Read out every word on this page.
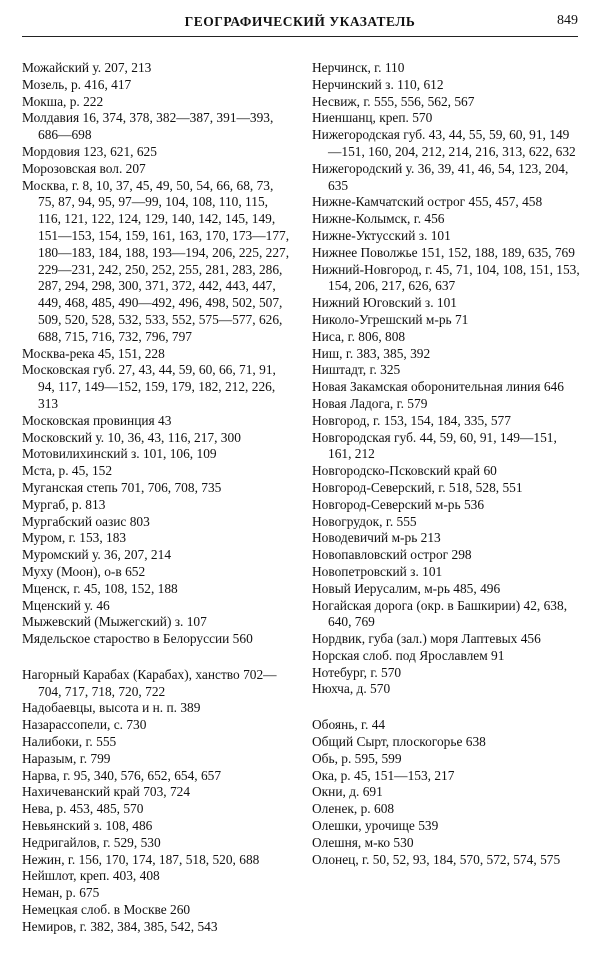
ГЕОГРАФИЧЕСКИЙ УКАЗАТЕЛЬ	849
Можайский у. 207, 213
Мозель, р. 416, 417
Мокша, р. 222
Молдавия 16, 374, 378, 382—387, 391—393, 686—698
Мордовия 123, 621, 625
Морозовская вол. 207
Москва, г. 8, 10, 37, 45, 49, 50, 54, 66, 68, 73, 75, 87, 94, 95, 97—99, 104, 108, 110, 115, 116, 121, 122, 124, 129, 140, 142, 145, 149, 151—153, 154, 159, 161, 163, 170, 173—177, 180—183, 184, 188, 193—194, 206, 225, 227, 229—231, 242, 250, 252, 255, 281, 283, 286, 287, 294, 298, 300, 371, 372, 442, 443, 447, 449, 468, 485, 490—492, 496, 498, 502, 507, 509, 520, 528, 532, 533, 552, 575—577, 626, 688, 715, 716, 732, 796, 797
Москва-река 45, 151, 228
Московская губ. 27, 43, 44, 59, 60, 66, 71, 91, 94, 117, 149—152, 159, 179, 182, 212, 226, 313
Московская провинция 43
Московский у. 10, 36, 43, 116, 217, 300
Мотовилихинский з. 101, 106, 109
Мста, р. 45, 152
Муганская степь 701, 706, 708, 735
Мургаб, р. 813
Мургабский оазис 803
Муром, г. 153, 183
Муромский у. 36, 207, 214
Муху (Моон), о-в 652
Мценск, г. 45, 108, 152, 188
Мценский у. 46
Мыжевский (Мыжегский) з. 107
Мядельское староство в Белоруссии 560
Нагорный Карабах (Карабах), ханство 702—704, 717, 718, 720, 722
Надобаевцы, высота и н. п. 389
Назарассопели, с. 730
Налибоки, г. 555
Наразым, г. 799
Нарва, г. 95, 340, 576, 652, 654, 657
Нахичеванский край 703, 724
Нева, р. 453, 485, 570
Невьянский з. 108, 486
Недригайлов, г. 529, 530
Нежин, г. 156, 170, 174, 187, 518, 520, 688
Нейшлот, креп. 403, 408
Неман, р. 675
Немецкая слоб. в Москве 260
Немиров, г. 382, 384, 385, 542, 543
Нерчинск, г. 110
Нерчинский з. 110, 612
Несвиж, г. 555, 556, 562, 567
Ниеншанц, креп. 570
Нижегородская губ. 43, 44, 55, 59, 60, 91, 149—151, 160, 204, 212, 214, 216, 313, 622, 632
Нижегородский у. 36, 39, 41, 46, 54, 123, 204, 635
Нижне-Камчатский острог 455, 457, 458
Нижне-Колымск, г. 456
Нижне-Уктусский з. 101
Нижнее Поволжье 151, 152, 188, 189, 635, 769
Нижний-Новгород, г. 45, 71, 104, 108, 151, 153, 154, 206, 217, 626, 637
Нижний Юговский з. 101
Николо-Угрешский м-рь 71
Ниса, г. 806, 808
Ниш, г. 383, 385, 392
Ништадт, г. 325
Новая Закамская оборонительная линия 646
Новая Ладога, г. 579
Новгород, г. 153, 154, 184, 335, 577
Новгородская губ. 44, 59, 60, 91, 149—151, 161, 212
Новгородско-Псковский край 60
Новгород-Северский, г. 518, 528, 551
Новгород-Северский м-рь 536
Новогрудок, г. 555
Новодевичий м-рь 213
Новопавловский острог 298
Новопетровский з. 101
Новый Иерусалим, м-рь 485, 496
Ногайская дорога (окр. в Башкирии) 42, 638, 640, 769
Нордвик, губа (зал.) моря Лаптевых 456
Норская слоб. под Ярославлем 91
Нотебург, г. 570
Нюхча, д. 570
Обоянь, г. 44
Общий Сырт, плоскогорье 638
Обь, р. 595, 599
Ока, р. 45, 151—153, 217
Окни, д. 691
Оленек, р. 608
Олешки, урочище 539
Олешня, м-ко 530
Олонец, г. 50, 52, 93, 184, 570, 572, 574, 575
